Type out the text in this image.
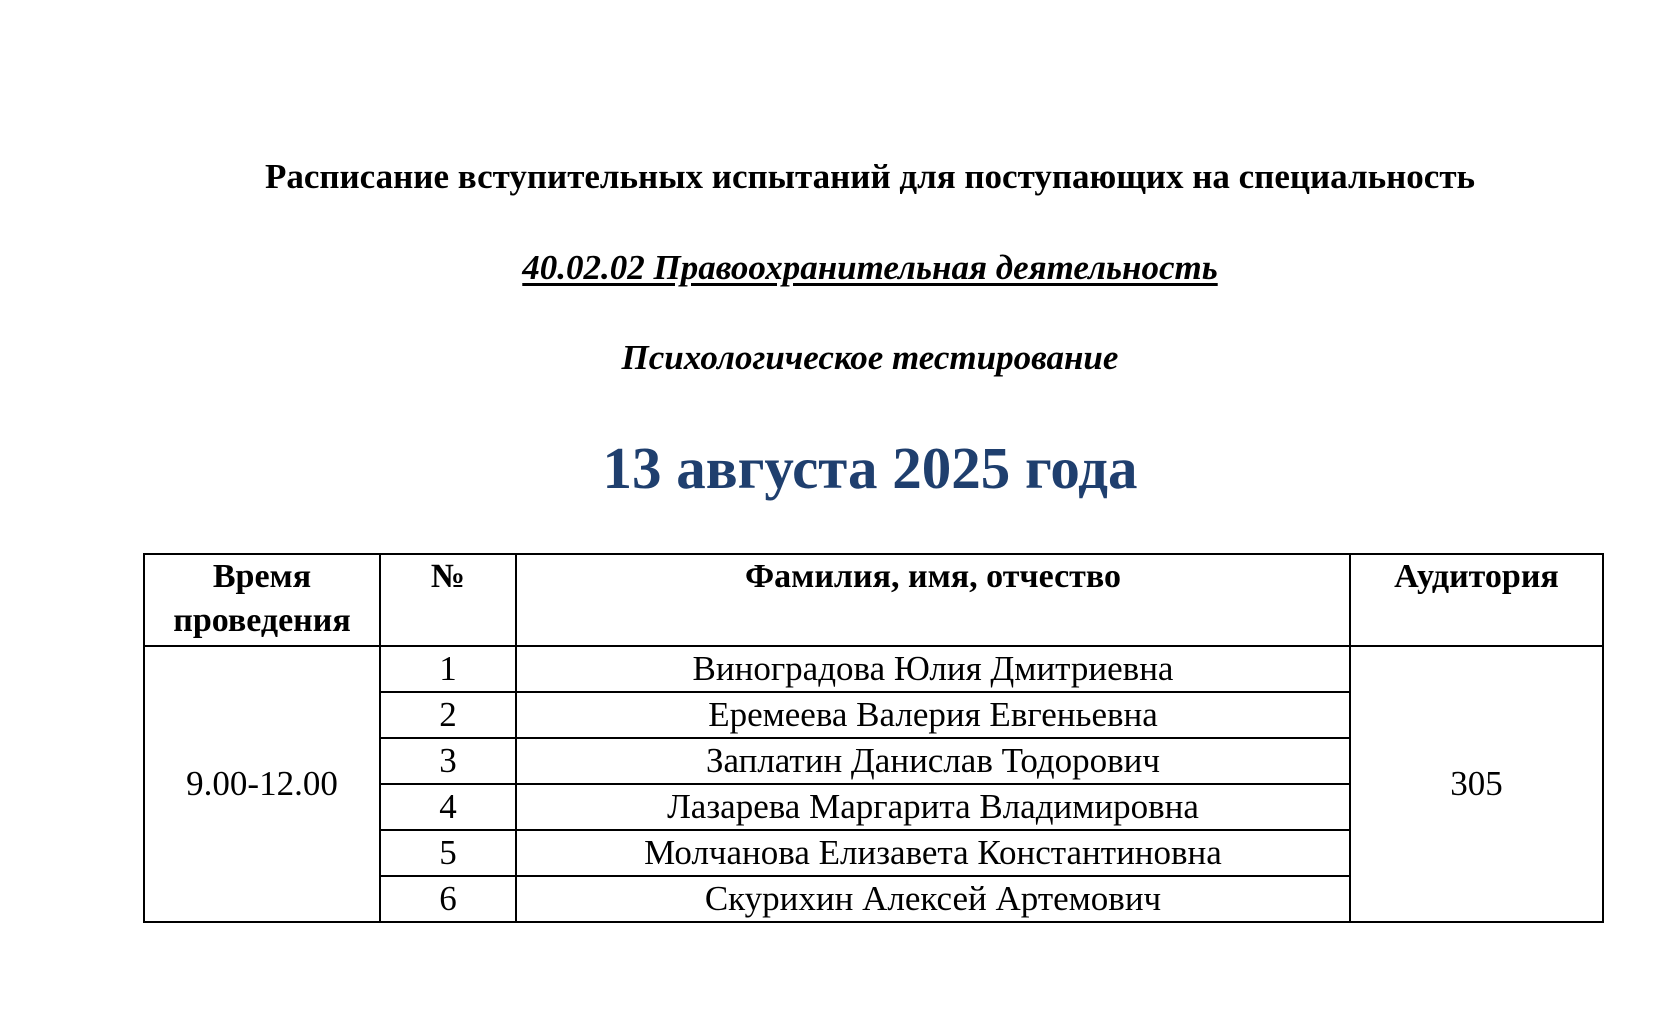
Расписание вступительных испытаний для поступающих на специальность
40.02.02 Правоохранительная деятельность
Психологическое тестирование
13 августа 2025 года
Время проведения	№	Фамилия, имя, отчество	Аудитория
9.00-12.00	1	Виноградова Юлия Дмитриевна	305
	2	Еремеева Валерия Евгеньевна	
	3	Заплатин Данислав Тодорович	
	4	Лазарева Маргарита Владимировна	
	5	Молчанова Елизавета Константиновна	
	6	Скурихин Алексей Артемович	
